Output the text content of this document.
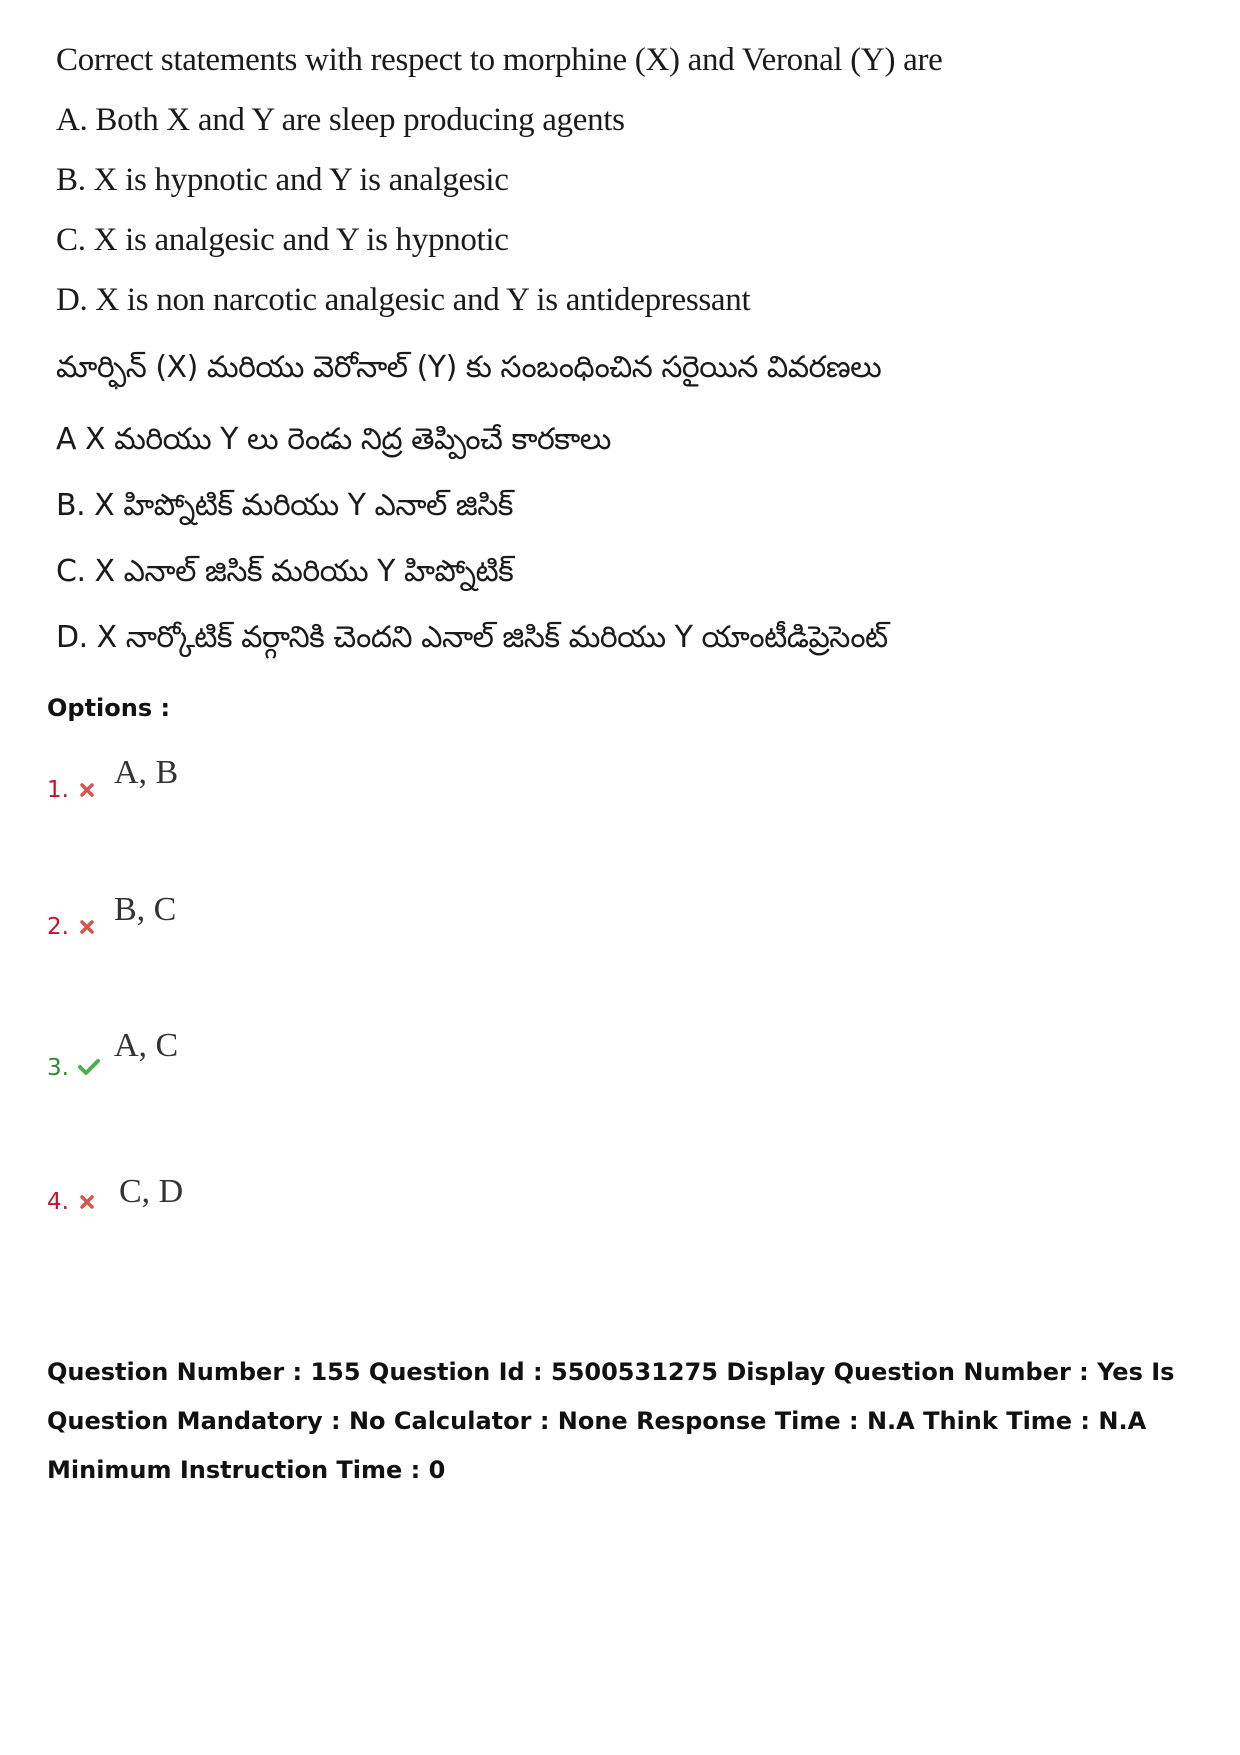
Correct statements with respect to morphine (X) and Veronal (Y) are
A. Both X and Y are sleep producing agents
B. X is hypnotic and Y is analgesic
C. X is analgesic and Y is hypnotic
D. X is non narcotic analgesic and Y is antidepressant
మార్ఫిన్ (X) మరియు వెరోనాల్ (Y) కు సంబంధించిన సరైయిన వివరణలు
A X మరియు Y లు రెండు నిద్ర తెప్పించే కారకాలు
B. X హిప్నోటిక్ మరియు Y ఎనాల్ జిసిక్
C. X ఎనాల్ జిసిక్ మరియు Y హిప్నోటిక్
D. X నార్కోటిక్ వర్గానికి చెందని ఎనాల్ జిసిక్ మరియు Y యాంటీడిప్రెసెంట్
Options :
1. A, B
2. B, C
3.
A, C
4. C, D
Question Number : 155 Question Id : 5500531275 Display Question Number : Yes Is Question Mandatory : No Calculator : None Response Time : N.A Think Time : N.A Minimum Instruction Time : 0
